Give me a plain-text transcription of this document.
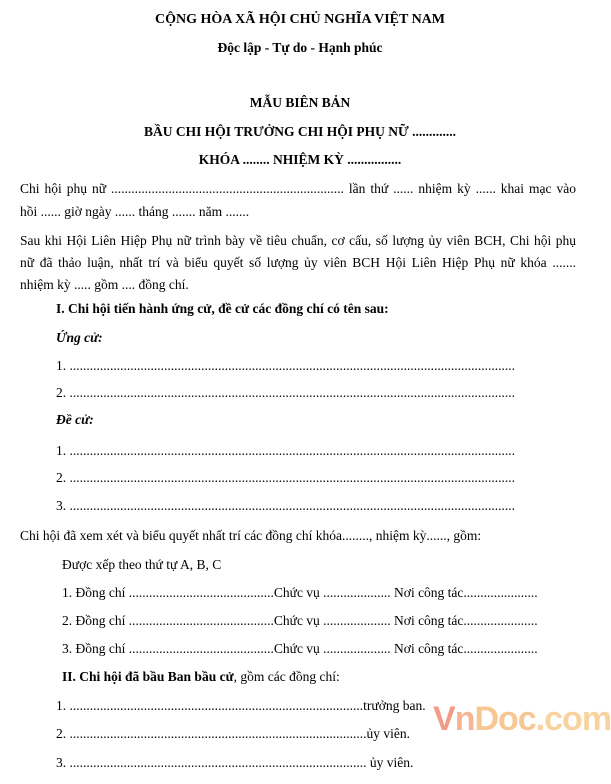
CỘNG HÒA XÃ HỘI CHỦ NGHĨA VIỆT NAM
Độc lập - Tự do - Hạnh phúc
MẪU BIÊN BẢN
BẦU CHI HỘI TRƯỞNG CHI HỘI PHỤ NỮ .............
KHÓA ........ NHIỆM KỲ ................
Chi hội phụ nữ ..................................................................... lần thứ ...... nhiệm kỳ ...... khai mạc vào
hồi ...... giờ ngày ...... tháng ....... năm .......
Sau khi Hội Liên Hiệp Phụ nữ trình bày về tiêu chuẩn, cơ cấu, số lượng ủy viên BCH, Chi hội phụ
nữ đã thảo luận, nhất trí và biểu quyết số lượng ủy viên BCH Hội Liên Hiệp Phụ nữ khóa .......
nhiệm kỳ ..... gồm .... đồng chí.
I. Chi hội tiến hành ứng cử, đề cử các đồng chí có tên sau:
Ứng cử:
1. ....................................................................................................................................
2. ....................................................................................................................................
Đề cử:
1. ....................................................................................................................................
2. ....................................................................................................................................
3. ....................................................................................................................................
Chi hội đã xem xét và biểu quyết nhất trí các đồng chí khóa........, nhiệm kỳ......, gồm:
Được xếp theo thứ tự A, B, C
1. Đồng chí ...........................................Chức vụ .................... Nơi công tác......................
2. Đồng chí ...........................................Chức vụ .................... Nơi công tác......................
3. Đồng chí ...........................................Chức vụ .................... Nơi công tác......................
II. Chi hội đã bầu Ban bầu cử, gồm các đồng chí:
1. .......................................................................................trưởng ban.
2. ........................................................................................ủy viên.
3. ........................................................................................ ủy viên.
VnDoc.com
